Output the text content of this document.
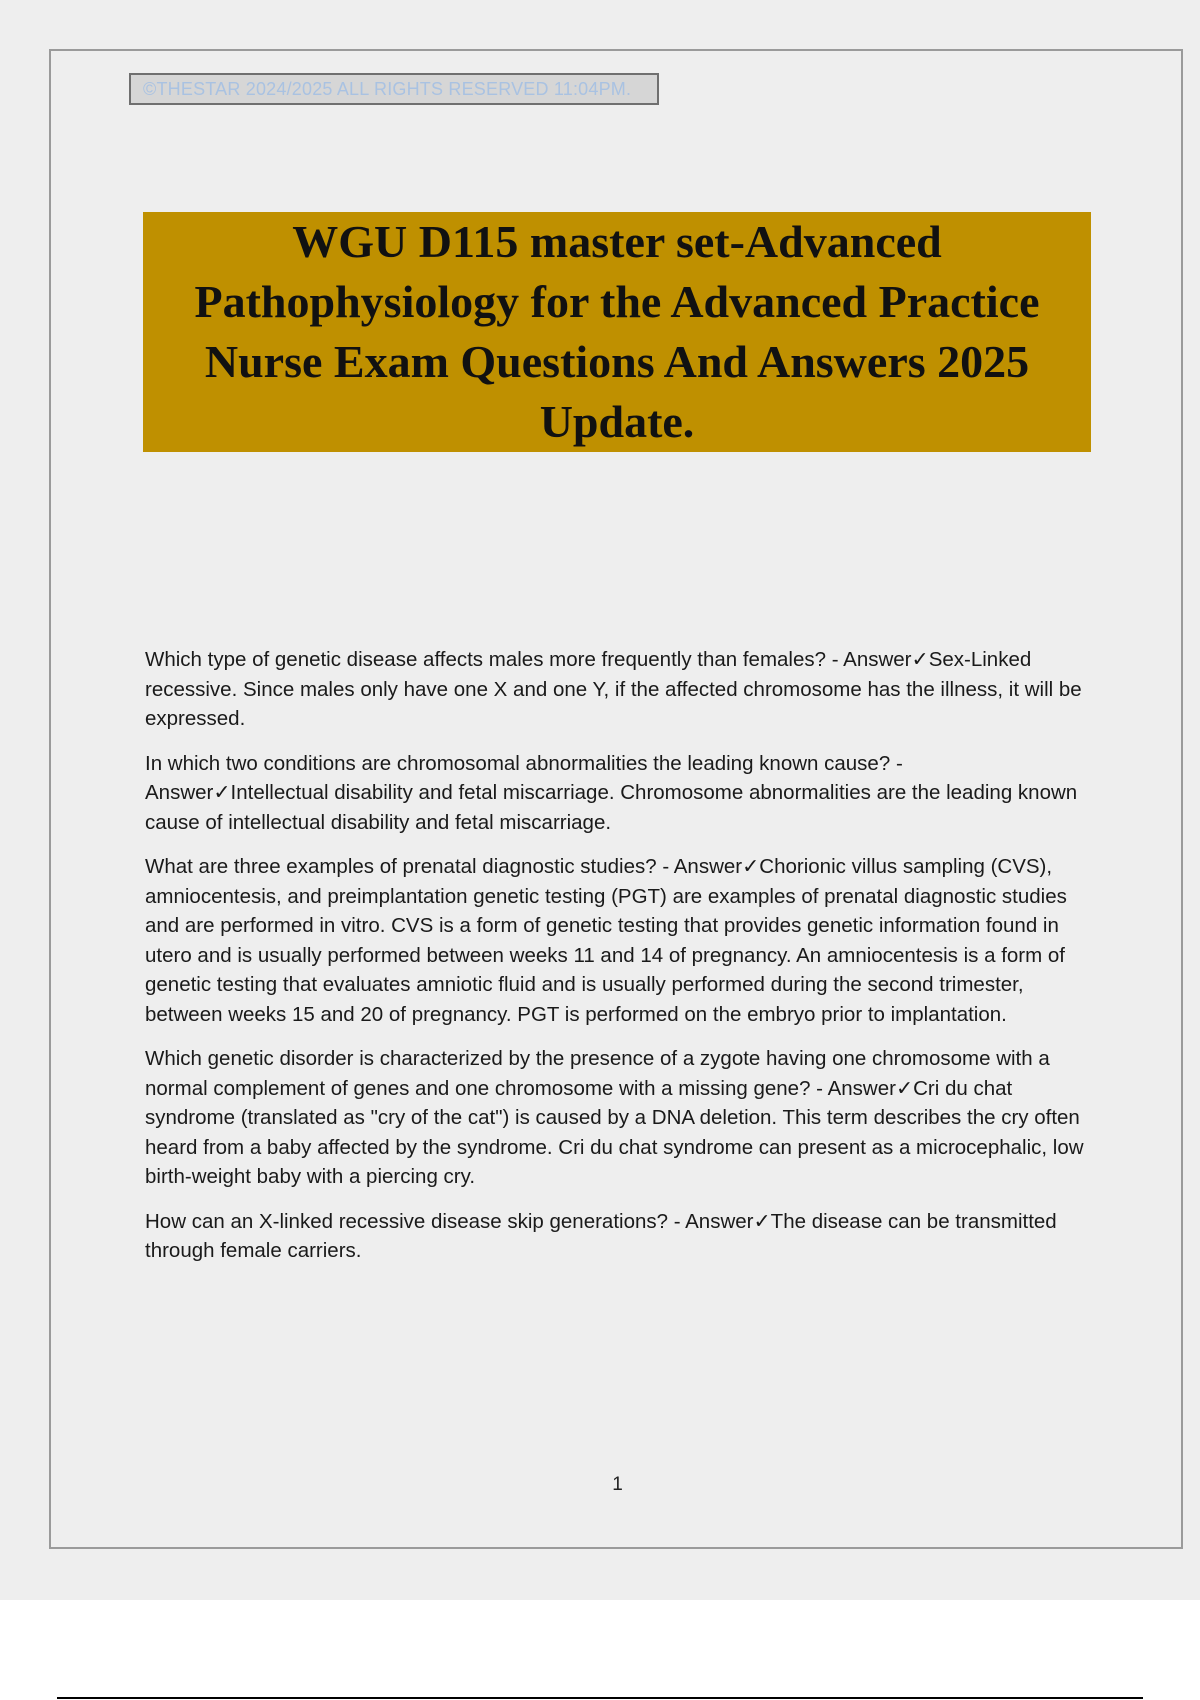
©THESTAR 2024/2025 ALL RIGHTS RESERVED 11:04PM.
WGU D115 master set-Advanced Pathophysiology for the Advanced Practice Nurse Exam Questions And Answers 2025 Update.

Which type of genetic disease affects males more frequently than females? - Answer✓Sex-Linked recessive. Since males only have one X and one Y, if the affected chromosome has the illness, it will be expressed.

In which two conditions are chromosomal abnormalities the leading known cause? - Answer✓Intellectual disability and fetal miscarriage. Chromosome abnormalities are the leading known cause of intellectual disability and fetal miscarriage.

What are three examples of prenatal diagnostic studies? - Answer✓Chorionic villus sampling (CVS), amniocentesis, and preimplantation genetic testing (PGT) are examples of prenatal diagnostic studies and are performed in vitro. CVS is a form of genetic testing that provides genetic information found in utero and is usually performed between weeks 11 and 14 of pregnancy. An amniocentesis is a form of genetic testing that evaluates amniotic fluid and is usually performed during the second trimester, between weeks 15 and 20 of pregnancy. PGT is performed on the embryo prior to implantation.

Which genetic disorder is characterized by the presence of a zygote having one chromosome with a normal complement of genes and one chromosome with a missing gene? - Answer✓Cri du chat syndrome (translated as "cry of the cat") is caused by a DNA deletion. This term describes the cry often heard from a baby affected by the syndrome. Cri du chat syndrome can present as a microcephalic, low birth-weight baby with a piercing cry.

How can an X-linked recessive disease skip generations? - Answer✓The disease can be transmitted through female carriers.

1
